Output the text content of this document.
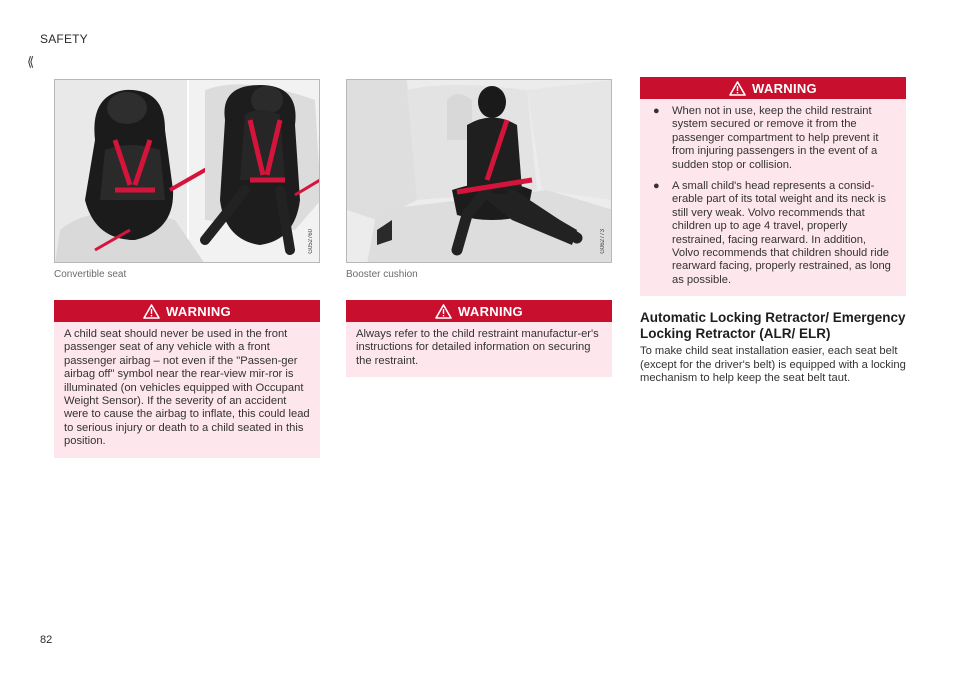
SAFETY
⟪
G052760
Convertible seat
WARNING
A child seat should never be used in the front passenger seat of any vehicle with a front passenger airbag – not even if the "Passen-ger airbag off" symbol near the rear-view mir-ror is illuminated (on vehicles equipped with Occupant Weight Sensor). If the severity of an accident were to cause the airbag to inflate, this could lead to serious injury or death to a child seated in this position.
G062773
Booster cushion
WARNING
Always refer to the child restraint manufactur-er's instructions for detailed information on securing the restraint.
WARNING
● When not in use, keep the child restraint system secured or remove it from the passenger compartment to help prevent it from injuring passengers in the event of a sudden stop or collision.
● A small child's head represents a consid-erable part of its total weight and its neck is still very weak. Volvo recommends that children up to age 4 travel, properly restrained, facing rearward. In addition, Volvo recommends that children should ride rearward facing, properly restrained, as long as possible.
Automatic Locking Retractor/ Emergency Locking Retractor (ALR/ ELR)
To make child seat installation easier, each seat belt (except for the driver's belt) is equipped with a locking mechanism to help keep the seat belt taut.
82
